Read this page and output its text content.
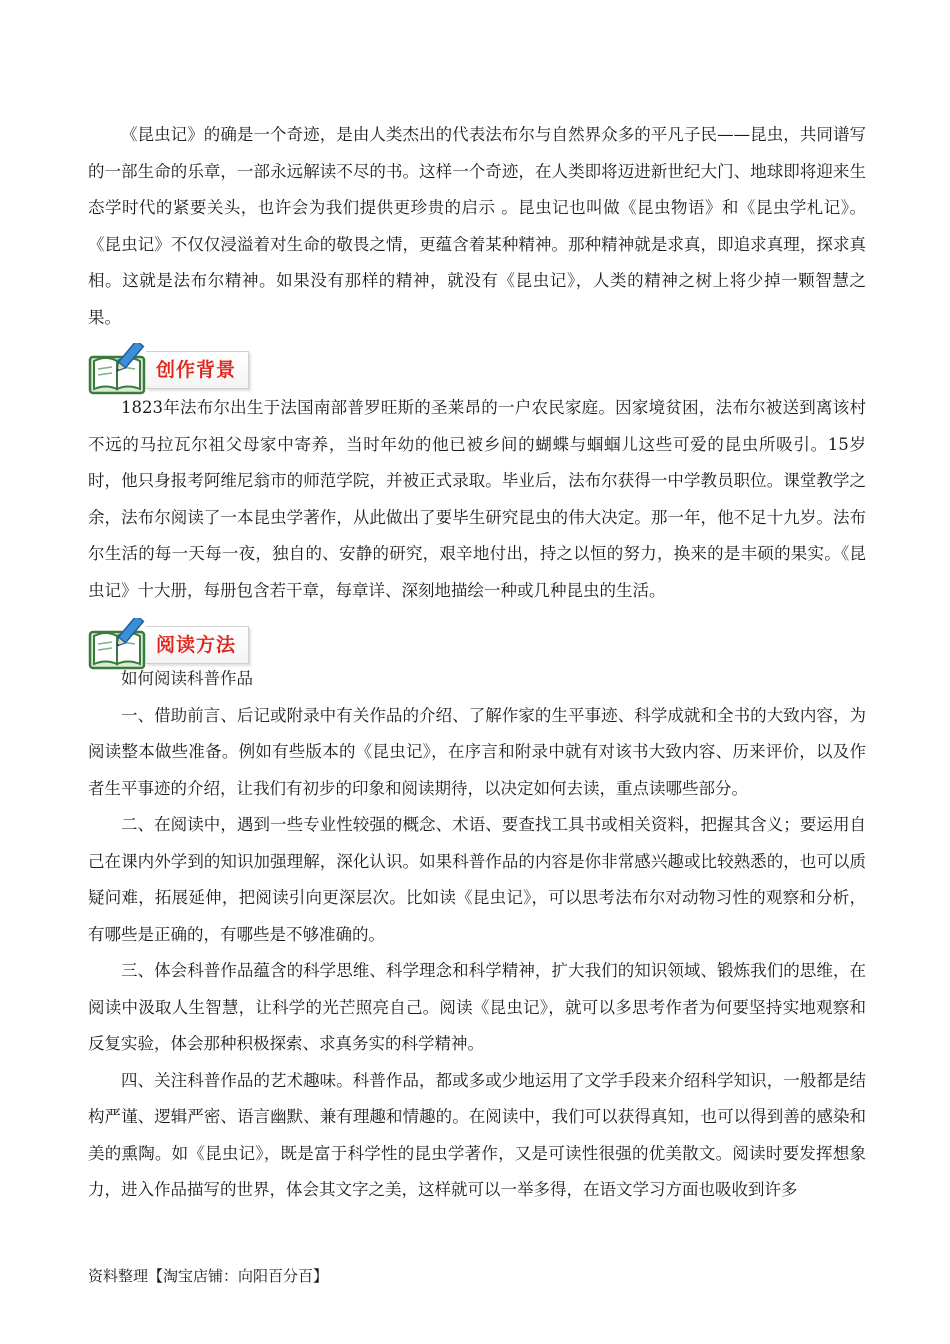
《昆虫记》的确是一个奇迹，是由人类杰出的代表法布尔与自然界众多的平凡子民——昆虫，共同谱写的一部生命的乐章，一部永远解读不尽的书。这样一个奇迹，在人类即将迈进新世纪大门、地球即将迎来生态学时代的紧要关头，也许会为我们提供更珍贵的启示 。昆虫记也叫做《昆虫物语》和《昆虫学札记》。《昆虫记》不仅仅浸溢着对生命的敬畏之情，更蕴含着某种精神。那种精神就是求真，即追求真理，探求真相。这就是法布尔精神。如果没有那样的精神，就没有《昆虫记》，人类的精神之树上将少掉一颗智慧之果。

创作背景

1823年法布尔出生于法国南部普罗旺斯的圣莱昂的一户农民家庭。因家境贫困，法布尔被送到离该村不远的马拉瓦尔祖父母家中寄养，当时年幼的他已被乡间的蝴蝶与蝈蝈儿这些可爱的昆虫所吸引。15岁时，他只身报考阿维尼翁市的师范学院，并被正式录取。毕业后，法布尔获得一中学教员职位。课堂教学之余，法布尔阅读了一本昆虫学著作，从此做出了要毕生研究昆虫的伟大决定。那一年，他不足十九岁。法布尔生活的每一天每一夜，独自的、安静的研究，艰辛地付出，持之以恒的努力，换来的是丰硕的果实。《昆虫记》十大册，每册包含若干章，每章详、深刻地描绘一种或几种昆虫的生活。

阅读方法

如何阅读科普作品

一、借助前言、后记或附录中有关作品的介绍、了解作家的生平事迹、科学成就和全书的大致内容，为阅读整本做些准备。例如有些版本的《昆虫记》，在序言和附录中就有对该书大致内容、历来评价，以及作者生平事迹的介绍，让我们有初步的印象和阅读期待，以决定如何去读，重点读哪些部分。

二、在阅读中，遇到一些专业性较强的概念、术语、要查找工具书或相关资料，把握其含义；要运用自己在课内外学到的知识加强理解，深化认识。如果科普作品的内容是你非常感兴趣或比较熟悉的，也可以质疑问难，拓展延伸，把阅读引向更深层次。比如读《昆虫记》，可以思考法布尔对动物习性的观察和分析，有哪些是正确的，有哪些是不够准确的。

三、体会科普作品蕴含的科学思维、科学理念和科学精神，扩大我们的知识领域、锻炼我们的思维，在阅读中汲取人生智慧，让科学的光芒照亮自己。阅读《昆虫记》，就可以多思考作者为何要坚持实地观察和反复实验，体会那种积极探索、求真务实的科学精神。

四、关注科普作品的艺术趣味。科普作品，都或多或少地运用了文学手段来介绍科学知识，一般都是结构严谨、逻辑严密、语言幽默、兼有理趣和情趣的。在阅读中，我们可以获得真知，也可以得到善的感染和美的熏陶。如《昆虫记》，既是富于科学性的昆虫学著作，又是可读性很强的优美散文。阅读时要发挥想象力，进入作品描写的世界，体会其文字之美，这样就可以一举多得，在语文学习方面也吸收到许多

资料整理【淘宝店铺：向阳百分百】
